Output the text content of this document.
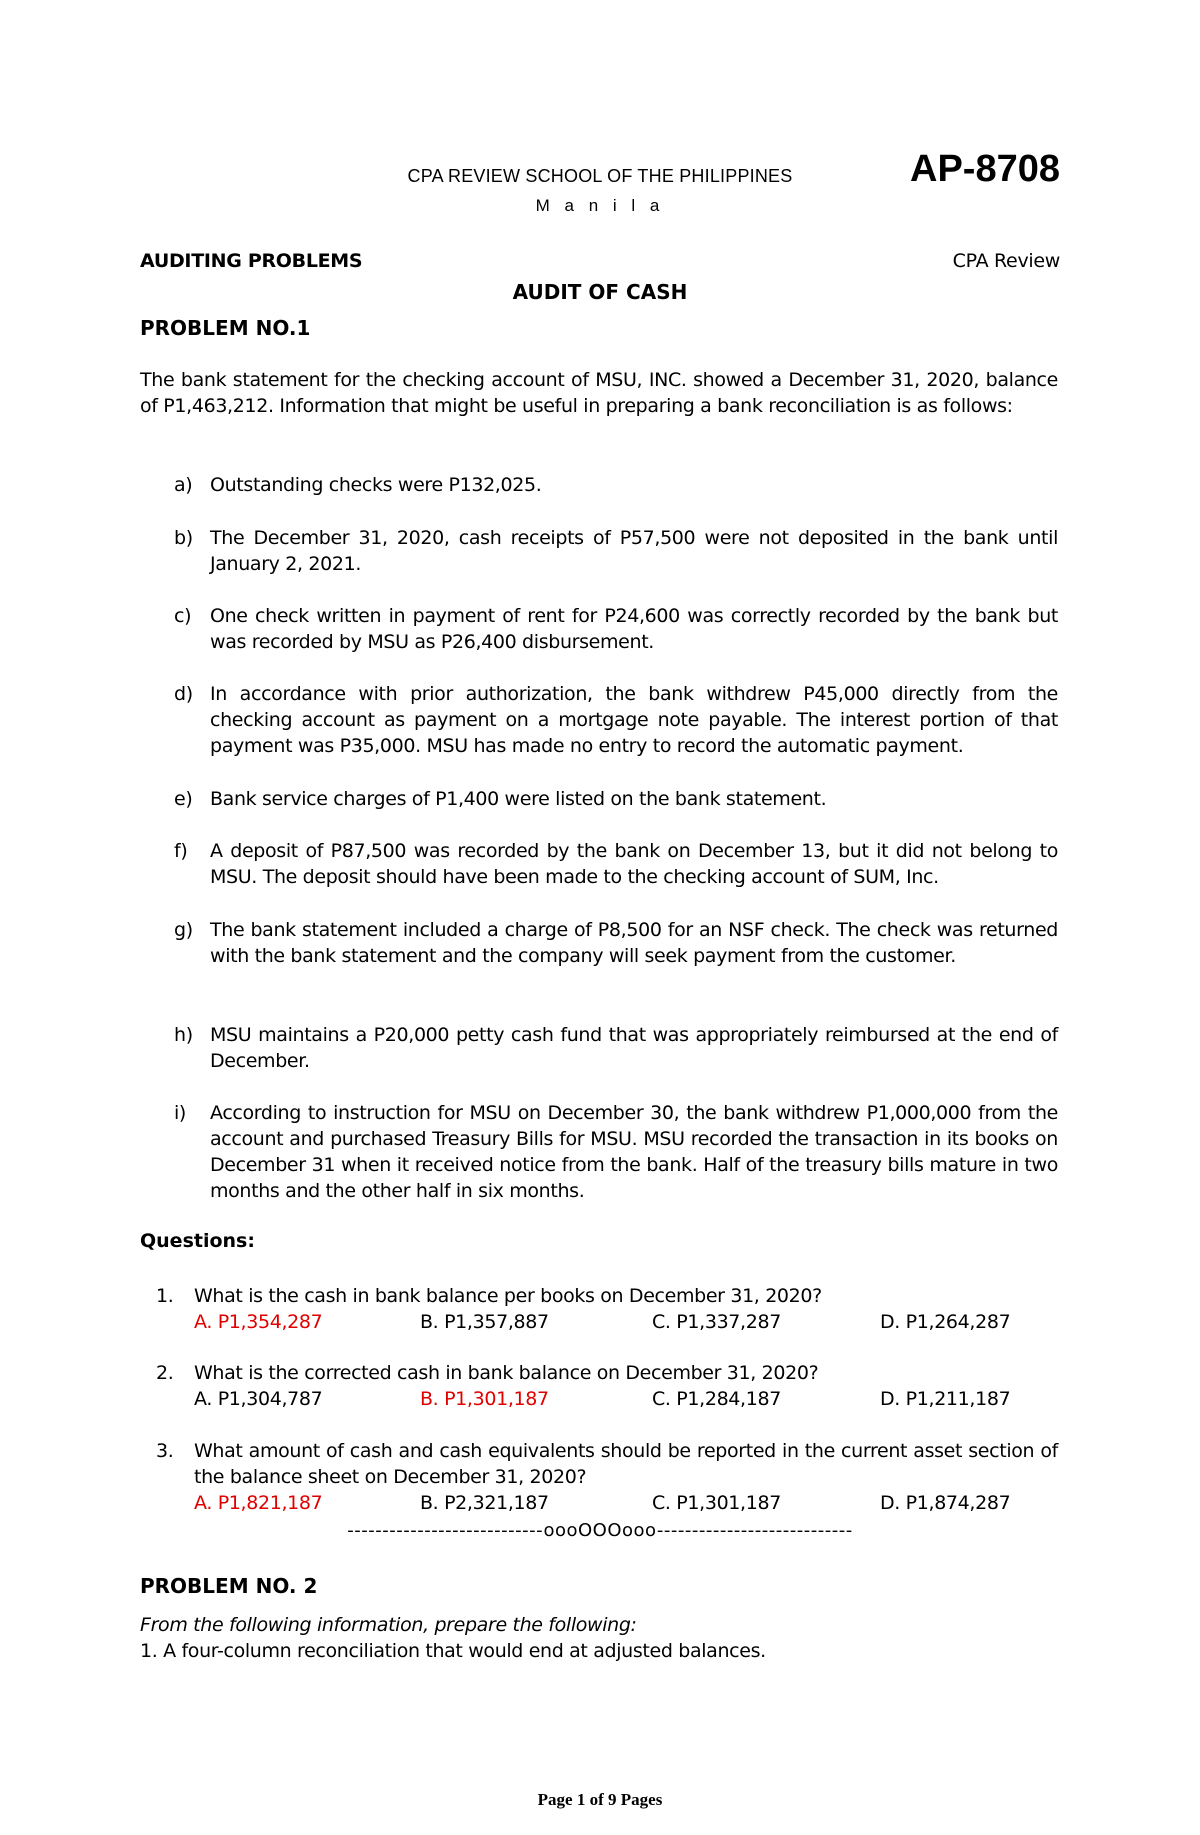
CPA REVIEW SCHOOL OF THE PHILIPPINES
M a n i l a
AP-8708
AUDITING PROBLEMS	CPA Review
AUDIT OF CASH
PROBLEM NO.1
The bank statement for the checking account of MSU, INC. showed a December 31, 2020, balance of P1,463,212. Information that might be useful in preparing a bank reconciliation is as follows:
a) Outstanding checks were P132,025.
b) The December 31, 2020, cash receipts of P57,500 were not deposited in the bank until January 2, 2021.
c) One check written in payment of rent for P24,600 was correctly recorded by the bank but was recorded by MSU as P26,400 disbursement.
d) In accordance with prior authorization, the bank withdrew P45,000 directly from the checking account as payment on a mortgage note payable. The interest portion of that payment was P35,000. MSU has made no entry to record the automatic payment.
e) Bank service charges of P1,400 were listed on the bank statement.
f) A deposit of P87,500 was recorded by the bank on December 13, but it did not belong to MSU. The deposit should have been made to the checking account of SUM, Inc.
g) The bank statement included a charge of P8,500 for an NSF check. The check was returned with the bank statement and the company will seek payment from the customer.
h) MSU maintains a P20,000 petty cash fund that was appropriately reimbursed at the end of December.
i) According to instruction for MSU on December 30, the bank withdrew P1,000,000 from the account and purchased Treasury Bills for MSU. MSU recorded the transaction in its books on December 31 when it received notice from the bank. Half of the treasury bills mature in two months and the other half in six months.
Questions:
1. What is the cash in bank balance per books on December 31, 2020?
A. P1,354,287	B. P1,357,887	C. P1,337,287	D. P1,264,287
2. What is the corrected cash in bank balance on December 31, 2020?
A. P1,304,787	B. P1,301,187	C. P1,284,187	D. P1,211,187
3. What amount of cash and cash equivalents should be reported in the current asset section of the balance sheet on December 31, 2020?
A. P1,821,187	B. P2,321,187	C. P1,301,187	D. P1,874,287
----------------------------oooOOOooo----------------------------
PROBLEM NO. 2
From the following information, prepare the following:
1. A four-column reconciliation that would end at adjusted balances.
Page 1 of 9 Pages
